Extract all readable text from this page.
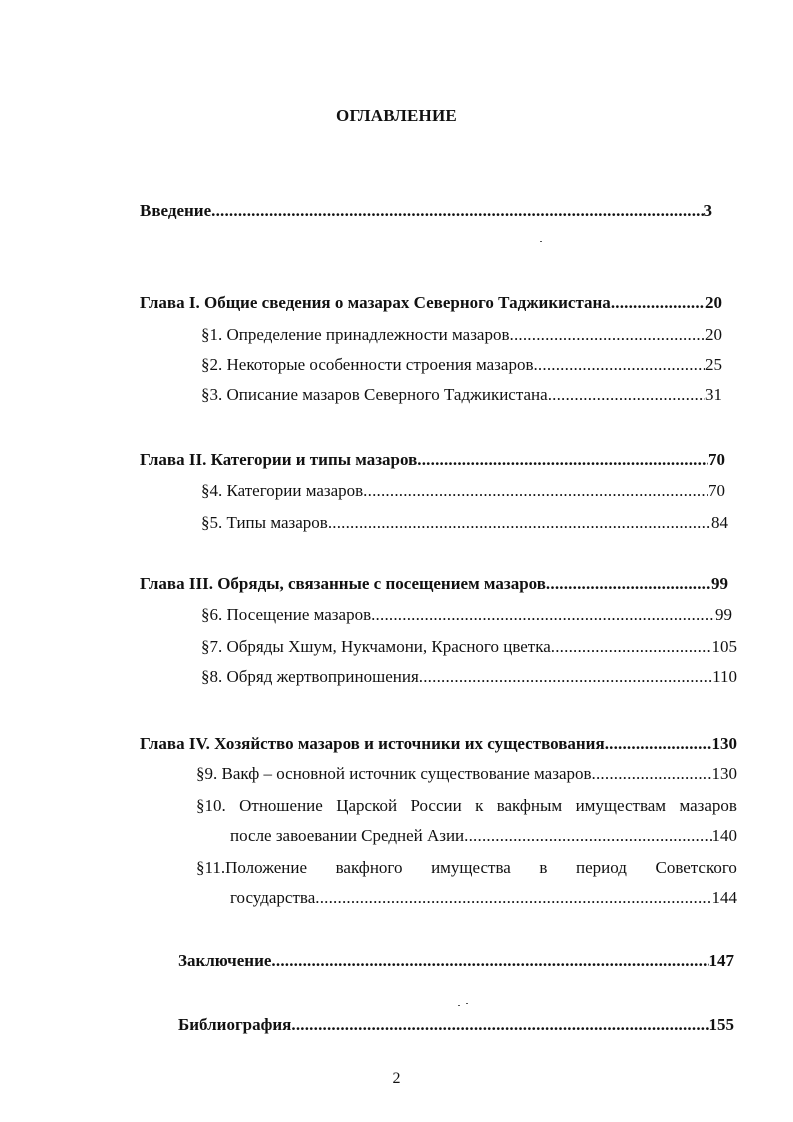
ОГЛАВЛЕНИЕ
Введение .....	3
Глава I. Общие сведения о мазарах Северного Таджикистана .....	20
§1. Определение принадлежности мазаров .....	20
§2. Некоторые особенности строения мазаров .....	25
§3. Описание мазаров Северного Таджикистана .....	31
Глава II. Категории и типы мазаров .....	70
§4. Категории мазаров .....	70
§5. Типы мазаров .....	84
Глава III. Обряды, связанные с посещением мазаров .....	99
§6. Посещение мазаров .....	99
§7. Обряды Хшум, Нукчамони, Красного цветка .....	105
§8. Обряд жертвоприношения .....	110
Глава IV. Хозяйство мазаров и источники их существования .....	130
§9. Вакф – основной источник существование мазаров .....	130
§10. Отношение Царской России к вакфным имуществам мазаров
после завоевании Средней Азии .....	140
§11.Положение вакфного имущества в период Советского
государства .....	144
Заключение .....	147
Библиография .....	155
2
